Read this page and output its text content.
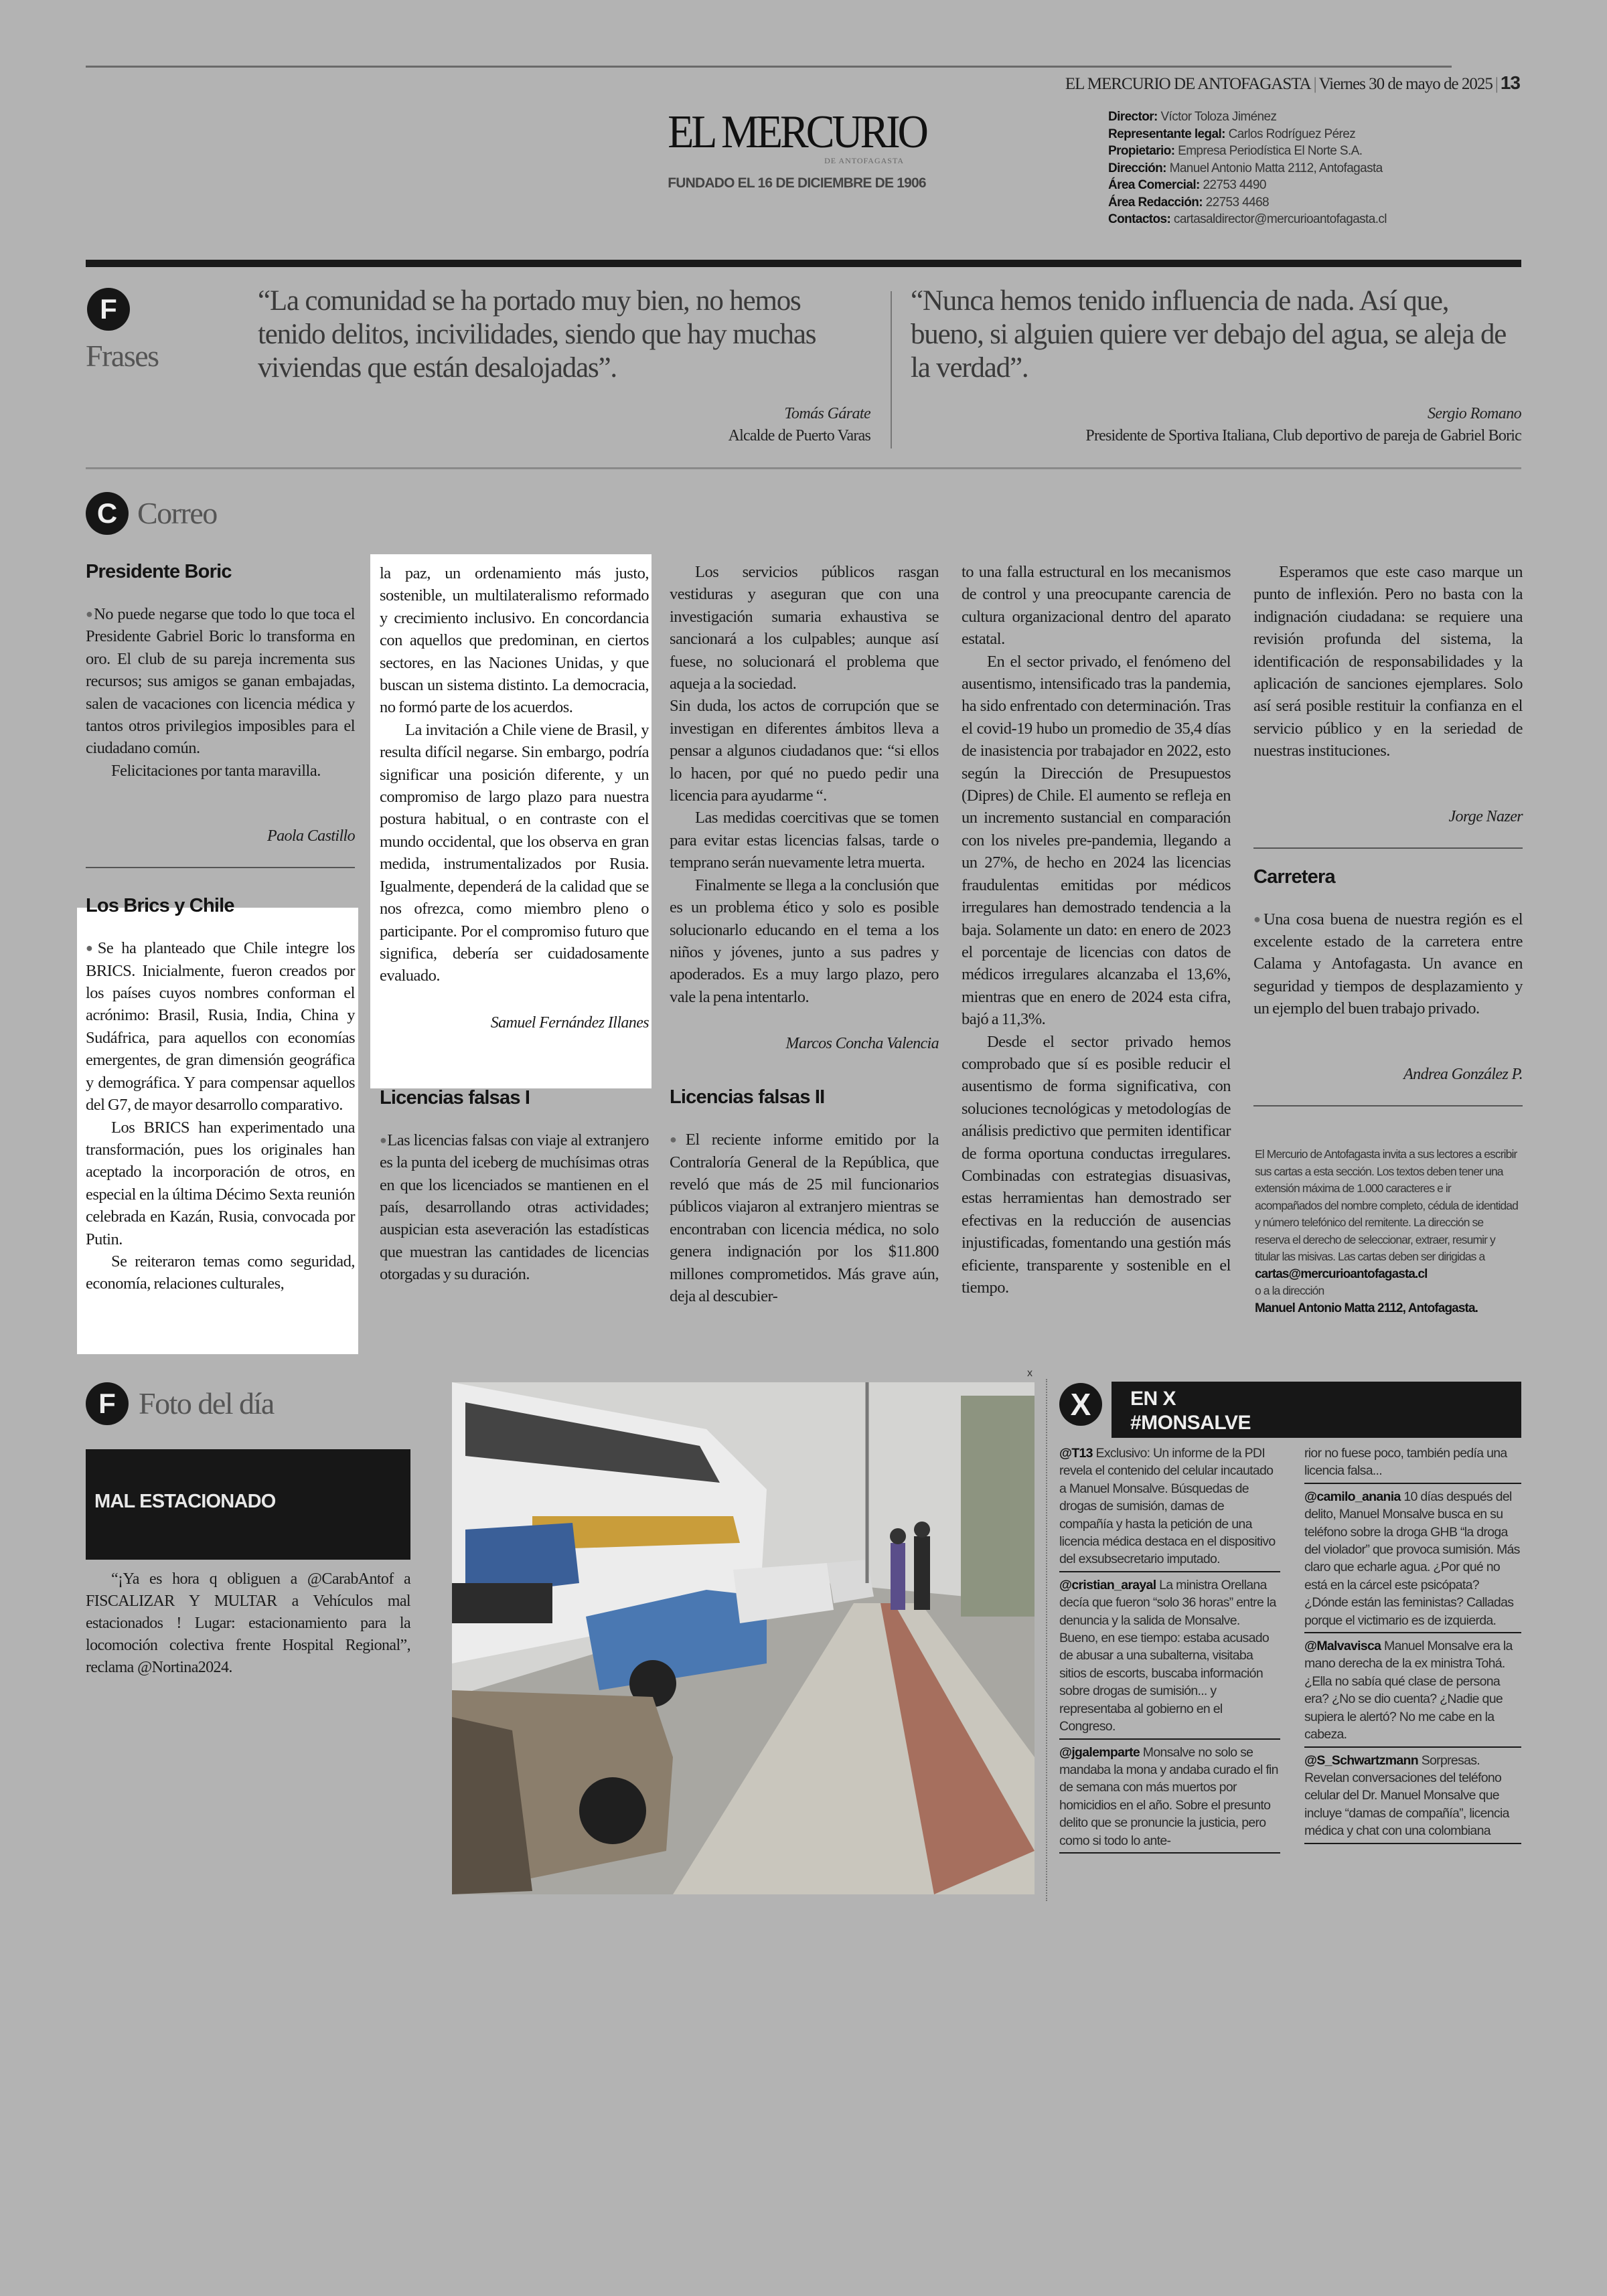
EL MERCURIO DE ANTOFAGASTA | Viernes 30 de mayo de 2025 | 13
EL MERCURIO
DE ANTOFAGASTA
FUNDADO EL 16 DE DICIEMBRE DE 1906
Director: Víctor Toloza Jiménez
Representante legal: Carlos Rodríguez Pérez
Propietario: Empresa Periodística El Norte S.A.
Dirección: Manuel Antonio Matta 2112, Antofagasta
Área Comercial: 22753 4490
Área Redacción: 22753 4468
Contactos: cartasaldirector@mercurioantofagasta.cl
F
Frases
“La comunidad se ha portado muy bien, no hemos tenido delitos, incivilidades, siendo que hay muchas viviendas que están desalojadas”.
Tomás Gárate
Alcalde de Puerto Varas
“Nunca hemos tenido influencia de nada. Así que, bueno, si alguien quiere ver debajo del agua, se aleja de la verdad”.
Sergio Romano
Presidente de Sportiva Italiana, Club deportivo de pareja de Gabriel Boric
C Correo
Presidente Boric

● No puede negarse que todo lo que toca el Presidente Gabriel Boric lo transforma en oro. El club de su pareja incrementa sus recursos; sus amigos se ganan embajadas, salen de vacaciones con licencia médica y tantos otros privilegios imposibles para el ciudadano común.

Felicitaciones por tanta maravilla.

Paola Castillo
Los Brics y Chile

● Se ha planteado que Chile integre los BRICS. Inicialmente, fueron creados por los países cuyos nombres conforman el acrónimo: Brasil, Rusia, India, China y Sudáfrica, para aquellos con economías emergentes, de gran dimensión geográfica y demográfica. Y para compensar aquellos del G7, de mayor desarrollo comparativo.

Los BRICS han experimentado una transformación, pues los originales han aceptado la incorporación de otros, en especial en la última Décimo Sexta reunión celebrada en Kazán, Rusia, convocada por Putin.

Se reiteraron temas como seguridad, economía, relaciones culturales,

la paz, un ordenamiento más justo, sostenible, un multilateralismo reformado y crecimiento inclusivo. En concordancia con aquellos que predominan, en ciertos sectores, en las Naciones Unidas, y que buscan un sistema distinto. La democracia, no formó parte de los acuerdos.

La invitación a Chile viene de Brasil, y resulta difícil negarse. Sin embargo, podría significar una posición diferente, y un compromiso de largo plazo para nuestra postura habitual, o en contraste con el mundo occidental, que los observa en gran medida, instrumentalizados por Rusia. Igualmente, dependerá de la calidad que se nos ofrezca, como miembro pleno o participante. Por el compromiso futuro que significa, debería ser cuidadosamente evaluado.

Samuel Fernández Illanes
Licencias falsas I

● Las licencias falsas con viaje al extranjero es la punta del iceberg de muchísimas otras en que los licenciados se mantienen en el país, desarrollando otras actividades; auspician esta aseveración las estadísticas que muestran las cantidades de licencias otorgadas y su duración.

Los servicios públicos rasgan vestiduras y aseguran que con una investigación sumaria exhaustiva se sancionará a los culpables; aunque así fuese, no solucionará el problema que aqueja a la sociedad.

Sin duda, los actos de corrupción que se investigan en diferentes ámbitos lleva a pensar a algunos ciudadanos que: “si ellos lo hacen, por qué no puedo pedir una licencia para ayudarme “.

Las medidas coercitivas que se tomen para evitar estas licencias falsas, tarde o temprano serán nuevamente letra muerta.

Finalmente se llega a la conclusión que es un problema ético y solo es posible solucionarlo educando en el tema a los niños y jóvenes, junto a sus padres y apoderados. Es a muy largo plazo, pero vale la pena intentarlo.

Marcos Concha Valencia
Licencias falsas II

● El reciente informe emitido por la Contraloría General de la República, que reveló que más de 25 mil funcionarios públicos viajaron al extranjero mientras se encontraban con licencia médica, no solo genera indignación por los $11.800 millones comprometidos. Más grave aún, deja al descubier-

to una falla estructural en los mecanismos de control y una preocupante carencia de cultura organizacional dentro del aparato estatal.

En el sector privado, el fenómeno del ausentismo, intensificado tras la pandemia, ha sido enfrentado con determinación. Tras el covid-19 hubo un promedio de 35,4 días de inasistencia por trabajador en 2022, esto según la Dirección de Presupuestos (Dipres) de Chile. El aumento se refleja en un incremento sustancial en comparación con los niveles pre-pandemia, llegando a un 27%, de hecho en 2024 las licencias fraudulentas emitidas por médicos irregulares han demostrado tendencia a la baja. Solamente un dato: en enero de 2023 el porcentaje de licencias con datos de médicos irregulares alcanzaba el 13,6%, mientras que en enero de 2024 esta cifra, bajó a 11,3%.

Desde el sector privado hemos comprobado que sí es posible reducir el ausentismo de forma significativa, con soluciones tecnológicas y metodologías de análisis predictivo que permiten identificar de forma oportuna conductas irregulares. Combinadas con estrategias disuasivas, estas herramientas han demostrado ser efectivas en la reducción de ausencias injustificadas, fomentando una gestión más eficiente, transparente y sostenible en el tiempo.

Esperamos que este caso marque un punto de inflexión. Pero no basta con la indignación ciudadana: se requiere una revisión profunda del sistema, la identificación de responsabilidades y la aplicación de sanciones ejemplares. Solo así será posible restituir la confianza en el servicio público y en la seriedad de nuestras instituciones.

Jorge Nazer
Carretera

● Una cosa buena de nuestra región es el excelente estado de la carretera entre Calama y Antofagasta. Un avance en seguridad y tiempos de desplazamiento y un ejemplo del buen trabajo privado.

Andrea González P.
El Mercurio de Antofagasta invita a sus lectores a escribir sus cartas a esta sección. Los textos deben tener una extensión máxima de 1.000 caracteres e ir acompañados del nombre completo, cédula de identidad y número telefónico del remitente. La dirección se reserva el derecho de seleccionar, extraer, resumir y titular las misivas. Las cartas deben ser dirigidas a
cartas@mercurioantofagasta.cl
o a la dirección
Manuel Antonio Matta 2112, Antofagasta.
F Foto del día
MAL ESTACIONADO

“¡Ya es hora q obliguen a @CarabAntof a FISCALIZAR Y MULTAR a Vehículos mal estacionados ! Lugar: estacionamiento para la locomoción colectiva frente Hospital Regional”, reclama @Nortina2024.

x
X	EN X
#MONSALVE
@T13 Exclusivo: Un informe de la PDI revela el contenido del celular incautado a Manuel Monsalve. Búsquedas de drogas de sumisión, damas de compañía y hasta la petición de una licencia médica destaca en el dispositivo del exsubsecretario imputado.
@cristian_arayal La ministra Orellana decía que fueron “solo 36 horas” entre la denuncia y la salida de Monsalve. Bueno, en ese tiempo: estaba acusado de abusar a una subalterna, visitaba sitios de escorts, buscaba información sobre drogas de sumisión... y representaba al gobierno en el Congreso.
@jgalemparte Monsalve no solo se mandaba la mona y andaba curado el fin de semana con más muertos por homicidios en el año. Sobre el presunto delito que se pronuncie la justicia, pero como si todo lo ante-
rior no fuese poco, también pedía una licencia falsa...
@camilo_anania 10 días después del delito, Manuel Monsalve busca en su teléfono sobre la droga GHB “la droga del violador” que provoca sumisión. Más claro que echarle agua. ¿Por qué no está en la cárcel este psicópata? ¿Dónde están las feministas? Calladas porque el victimario es de izquierda.
@Malvavisca Manuel Monsalve era la mano derecha de la ex ministra Tohá. ¿Ella no sabía qué clase de persona era? ¿No se dio cuenta? ¿Nadie que supiera le alertó? No me cabe en la cabeza.
@S_Schwartzmann Sorpresas. Revelan conversaciones del teléfono celular del Dr. Manuel Monsalve que incluye “damas de compañía”, licencia médica y chat con una colombiana
